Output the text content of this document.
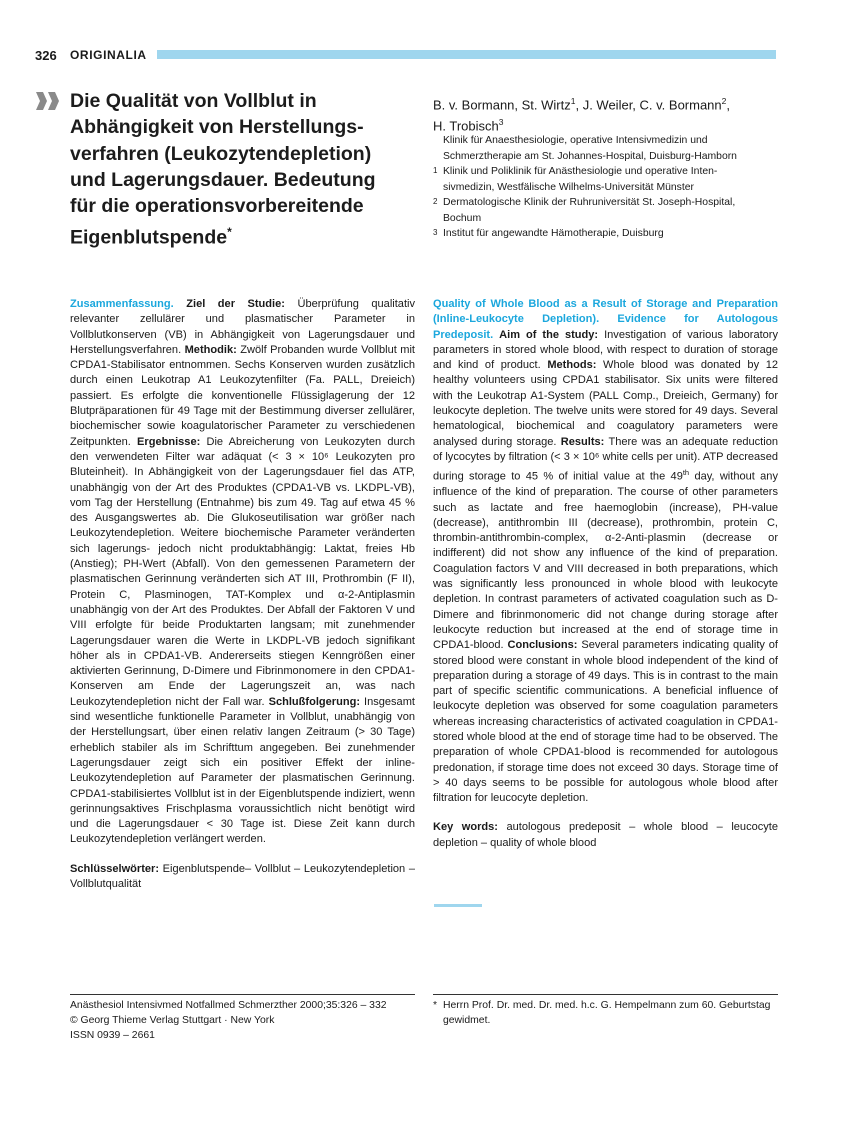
326 ORIGINALIA
Die Qualität von Vollblut in
Abhängigkeit von Herstellungs-
verfahren (Leukozytendepletion)
und Lagerungsdauer. Bedeutung
für die operationsvorbereitende
Eigenblutspende*
B. v. Bormann, St. Wirtz$^1$, J. Weiler, C. v. Bormann$^2$,
H. Trobisch$^3$
Klinik für Anaesthesiologie, operative Intensivmedizin und
Schmerztherapie am St. Johannes-Hospital, Duisburg-Hamborn
1 Klinik und Poliklinik für Anästhesiologie und operative Inten-
sivmedizin, Westfälische Wilhelms-Universität Münster
2 Dermatologische Klinik der Ruhruniversität St. Joseph-Hospital,
Bochum
3 Institut für angewandte Hämotherapie, Duisburg
Zusammenfassung. Ziel der Studie: Überprüfung qualitativ relevanter zellulärer und plasmatischer Parameter in Vollblutkonserven (VB) in Abhängigkeit von Lagerungsdauer und Herstellungsverfahren. Methodik: Zwölf Probanden wurde Vollblut mit CPDA1-Stabilisator entnommen. Sechs Konserven wurden zusätzlich durch einen Leukotrap A1 Leukozytenfilter (Fa. PALL, Dreieich) passiert. Es erfolgte die konventionelle Flüssiglagerung der 12 Blutpräparationen für 49 Tage mit der Bestimmung diverser zellulärer, biochemischer sowie koagulatorischer Parameter zu verschiedenen Zeitpunkten. Ergebnisse: Die Abreicherung von Leukozyten durch den verwendeten Filter war adäquat (< 3 × 10⁶ Leukozyten pro Bluteinheit). In Abhängigkeit von der Lagerungsdauer fiel das ATP, unabhängig von der Art des Produktes (CPDA1-VB vs. LKDPL-VB), vom Tag der Herstellung (Entnahme) bis zum 49. Tag auf etwa 45 % des Ausgangswertes ab. Die Glukoseutilisation war größer nach Leukozytendepletion. Weitere biochemische Parameter veränderten sich lagerungs- jedoch nicht produktabhängig: Laktat, freies Hb (Anstieg); PH-Wert (Abfall). Von den gemessenen Parametern der plasmatischen Gerinnung veränderten sich AT III, Prothrombin (F II), Protein C, Plasminogen, TAT-Komplex und α-2-Antiplasmin unabhängig von der Art des Produktes. Der Abfall der Faktoren V und VIII erfolgte für beide Produktarten langsam; mit zunehmender Lagerungsdauer waren die Werte in LKDPL-VB jedoch signifikant höher als in CPDA1-VB. Andererseits stiegen Kenngrößen einer aktivierten Gerinnung, D-Dimere und Fibrinmonomere in den CPDA1-Konserven am Ende der Lagerungszeit an, was nach Leukozytendepletion nicht der Fall war. Schlußfolgerung: Insgesamt sind wesentliche funktionelle Parameter in Vollblut, unabhängig von der Herstellungsart, über einen relativ langen Zeitraum (> 30 Tage) erheblich stabiler als im Schrifttum angegeben. Bei zunehmender Lagerungsdauer zeigt sich ein positiver Effekt der inline-Leukozytendepletion auf Parameter der plasmatischen Gerinnung. CPDA1-stabilisiertes Vollblut ist in der Eigenblutspende indiziert, wenn gerinnungsaktives Frischplasma voraussichtlich nicht benötigt wird und die Lagerungsdauer < 30 Tage ist. Diese Zeit kann durch Leukozytendepletion verlängert werden.
Schlüsselwörter: Eigenblutspende– Vollblut – Leukozytendepletion – Vollblutqualität
Quality of Whole Blood as a Result of Storage and Preparation (Inline-Leukocyte Depletion). Evidence for Autologous Predeposit. Aim of the study: Investigation of various laboratory parameters in stored whole blood, with respect to duration of storage and kind of product. Methods: Whole blood was donated by 12 healthy volunteers using CPDA1 stabilisator. Six units were filtered with the Leukotrap A1-System (PALL Comp., Dreieich, Germany) for leukocyte depletion. The twelve units were stored for 49 days. Several hematological, biochemical and coagulatory parameters were analysed during storage. Results: There was an adequate reduction of lycocytes by filtration (< 3 × 10⁶ white cells per unit). ATP decreased during storage to 45 % of initial value at the 49th day, without any influence of the kind of preparation. The course of other parameters such as lactate and free haemoglobin (increase), PH-value (decrease), antithrombin III (decrease), prothrombin, protein C, thrombin-antithrombin-complex, α-2-Anti-plasmin (decrease or indifferent) did not show any influence of the kind of preparation. Coagulation factors V and VIII decreased in both preparations, which was significantly less pronounced in whole blood with leukocyte depletion. In contrast parameters of activated coagulation such as D-Dimere and fibrinmonomeric did not change during storage after leukocyte reduction but increased at the end of storage time in CPDA1-blood. Conclusions: Several parameters indicating quality of stored blood were constant in whole blood independent of the kind of preparation during a storage of 49 days. This is in contrast to the main part of specific scientific communications. A beneficial influence of leukocyte depletion was observed for some coagulation parameters whereas increasing characteristics of activated coagulation in CPDA1-stored whole blood at the end of storage time had to be observed. The preparation of whole CPDA1-blood is recommended for autologous predonation, if storage time does not exceed 30 days. Storage time of > 40 days seems to be possible for autologous whole blood after filtration for leucocyte depletion.
Key words: autologous predeposit – whole blood – leucocyte depletion – quality of whole blood
Anästhesiol Intensivmed Notfallmed Schmerzther 2000;35:326 – 332
© Georg Thieme Verlag Stuttgart · New York
ISSN 0939 – 2661
* Herrn Prof. Dr. med. Dr. med. h.c. G. Hempelmann zum 60. Geburtstag gewidmet.
